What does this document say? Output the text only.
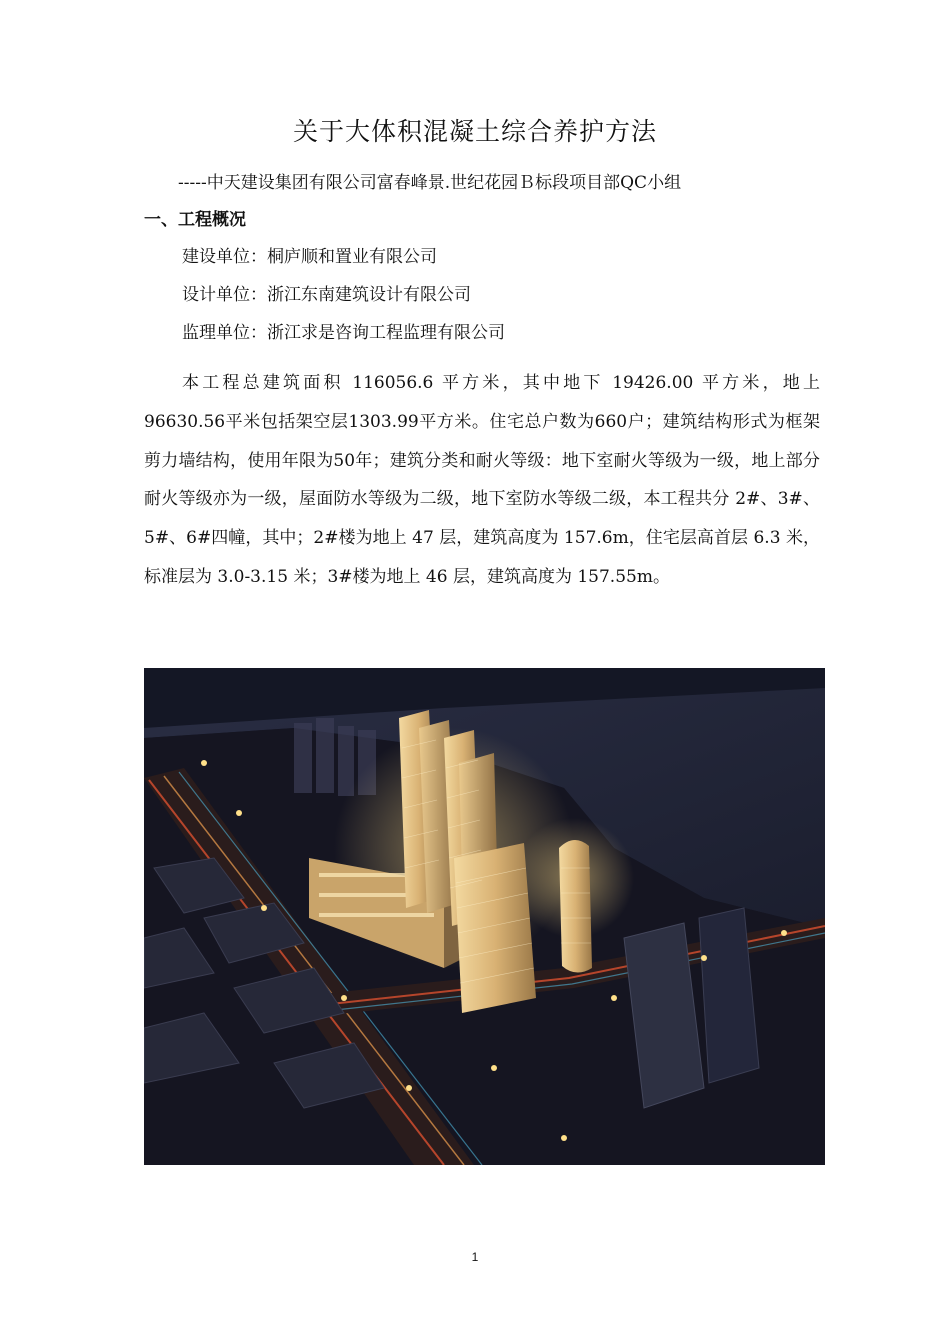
关于大体积混凝土综合养护方法
-----中天建设集团有限公司富春峰景.世纪花园Ｂ标段项目部QC小组
一、工程概况
建设单位：桐庐顺和置业有限公司
设计单位：浙江东南建筑设计有限公司
监理单位：浙江求是咨询工程监理有限公司
本工程总建筑面积 116056.6 平方米，其中地下 19426.00 平方米，地上96630.56平米包括架空层1303.99平方米。住宅总户数为660户；建筑结构形式为框架剪力墙结构，使用年限为50年；建筑分类和耐火等级：地下室耐火等级为一级，地上部分耐火等级亦为一级，屋面防水等级为二级，地下室防水等级二级，本工程共分 2#、3#、5#、6#四幢，其中；2#楼为地上 47 层，建筑高度为 157.6m，住宅层高首层 6.3 米，标准层为 3.0-3.15 米；3#楼为地上 46 层，建筑高度为 157.55m。
1
